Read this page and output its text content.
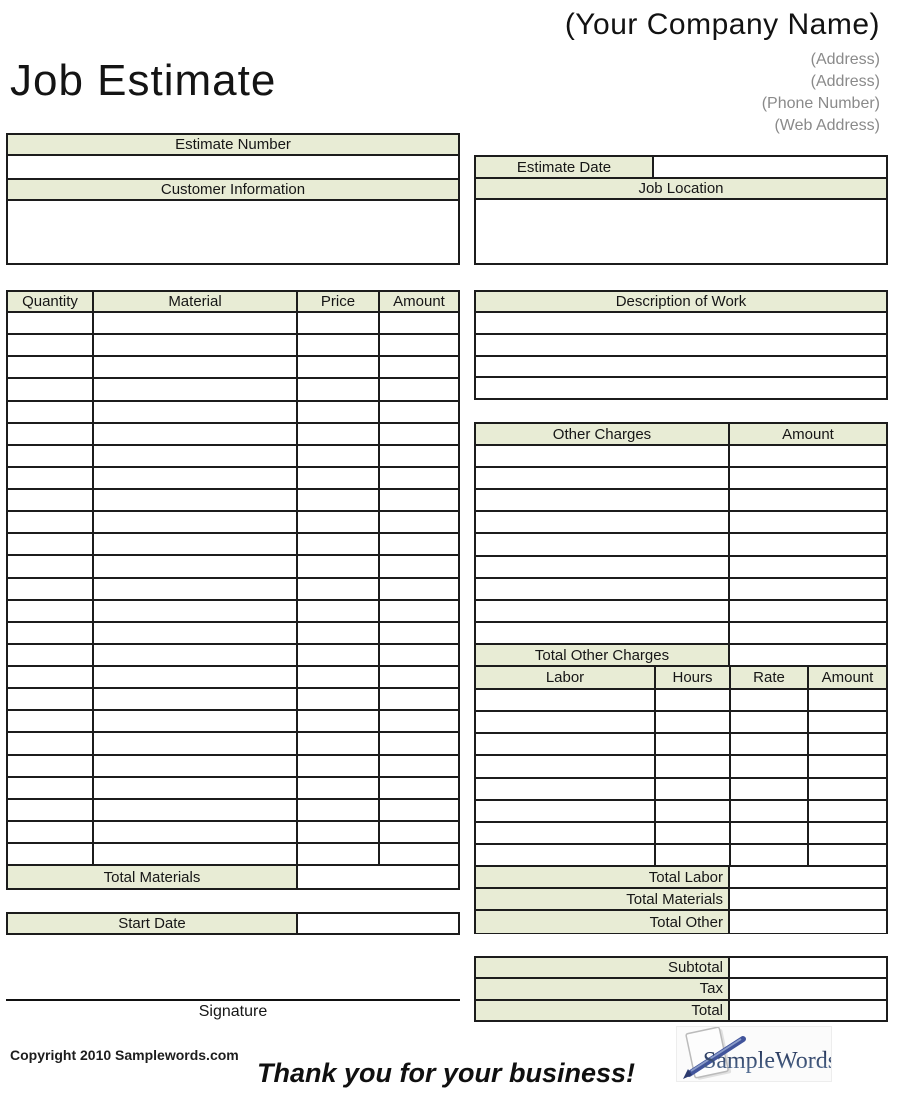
Job Estimate
(Your Company Name)
(Address)
(Address)
(Phone Number)
(Web Address)
Estimate Number
Customer Information
Estimate Date
Job Location
Quantity	Material	Price	Amount
Total Materials
Start Date
Description of Work
Other Charges	Amount
Total Other Charges
Labor	Hours	Rate	Amount
Total Labor
Total Materials
Total Other
Subtotal
Tax
Total
Signature
Copyright 2010 Samplewords.com
Thank you for your business!	SampleWords
